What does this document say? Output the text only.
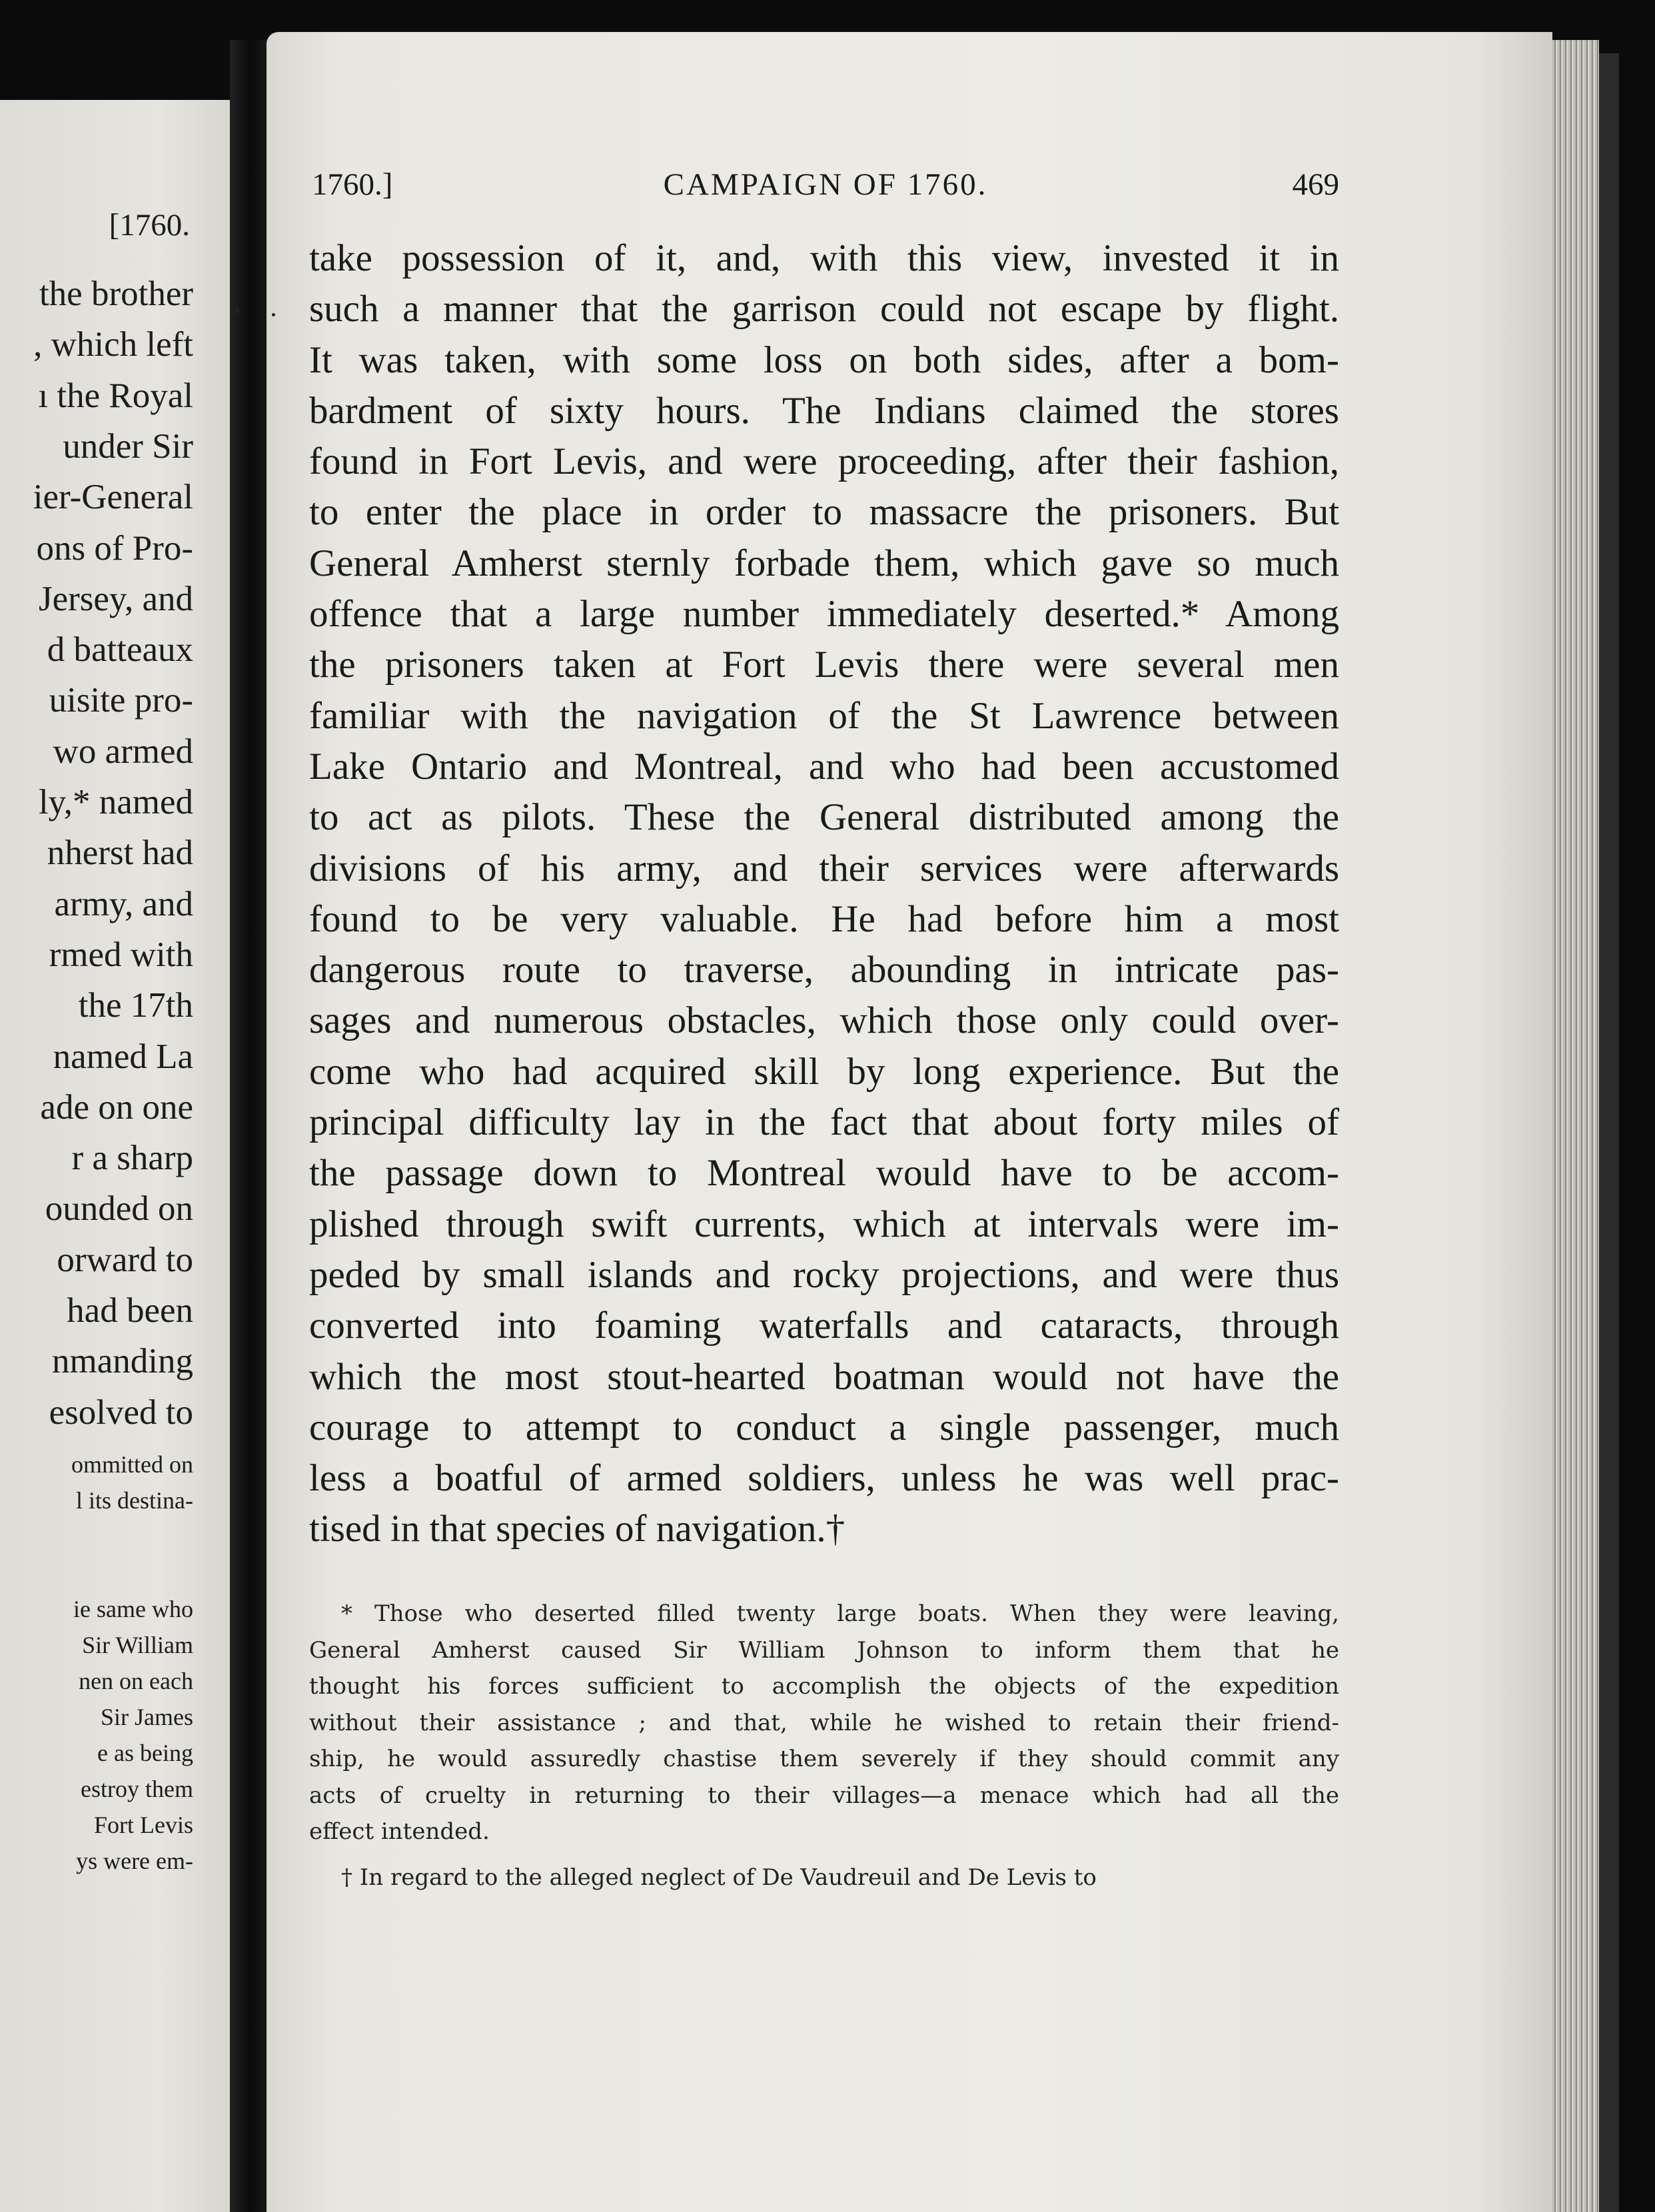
[1760.
the brother
, which left
ı the Royal
under Sir
ier-General
ons of Pro-
Jersey, and
d batteaux
uisite pro-
wo armed
ly,* named
nherst had
army, and
rmed with
the 17th
named La
ade on one
r a sharp
ounded on
orward to
had been
nmanding
esolved to
ommitted on
l its destina-
ie same who
Sir William
nen on each
Sir James
e as being
estroy them
Fort Levis
ys were em-
1760.]	CAMPAIGN OF 1760.	469
take possession of it, and, with this view, invested it in
such a manner that the garrison could not escape by flight.
It was taken, with some loss on both sides, after a bom-
bardment of sixty hours. The Indians claimed the stores
found in Fort Levis, and were proceeding, after their fashion,
to enter the place in order to massacre the prisoners. But
General Amherst sternly forbade them, which gave so much
offence that a large number immediately deserted.* Among
the prisoners taken at Fort Levis there were several men
familiar with the navigation of the St Lawrence between
Lake Ontario and Montreal, and who had been accustomed
to act as pilots. These the General distributed among the
divisions of his army, and their services were afterwards
found to be very valuable. He had before him a most
dangerous route to traverse, abounding in intricate pas-
sages and numerous obstacles, which those only could over-
come who had acquired skill by long experience. But the
principal difficulty lay in the fact that about forty miles of
the passage down to Montreal would have to be accom-
plished through swift currents, which at intervals were im-
peded by small islands and rocky projections, and were thus
converted into foaming waterfalls and cataracts, through
which the most stout-hearted boatman would not have the
courage to attempt to conduct a single passenger, much
less a boatful of armed soldiers, unless he was well prac-
tised in that species of navigation.†
* Those who deserted filled twenty large boats. When they were leaving,
General Amherst caused Sir William Johnson to inform them that he
thought his forces sufficient to accomplish the objects of the expedition
without their assistance ; and that, while he wished to retain their friend-
ship, he would assuredly chastise them severely if they should commit any
acts of cruelty in returning to their villages—a menace which had all the
effect intended.
† In regard to the alleged neglect of De Vaudreuil and De Levis to
